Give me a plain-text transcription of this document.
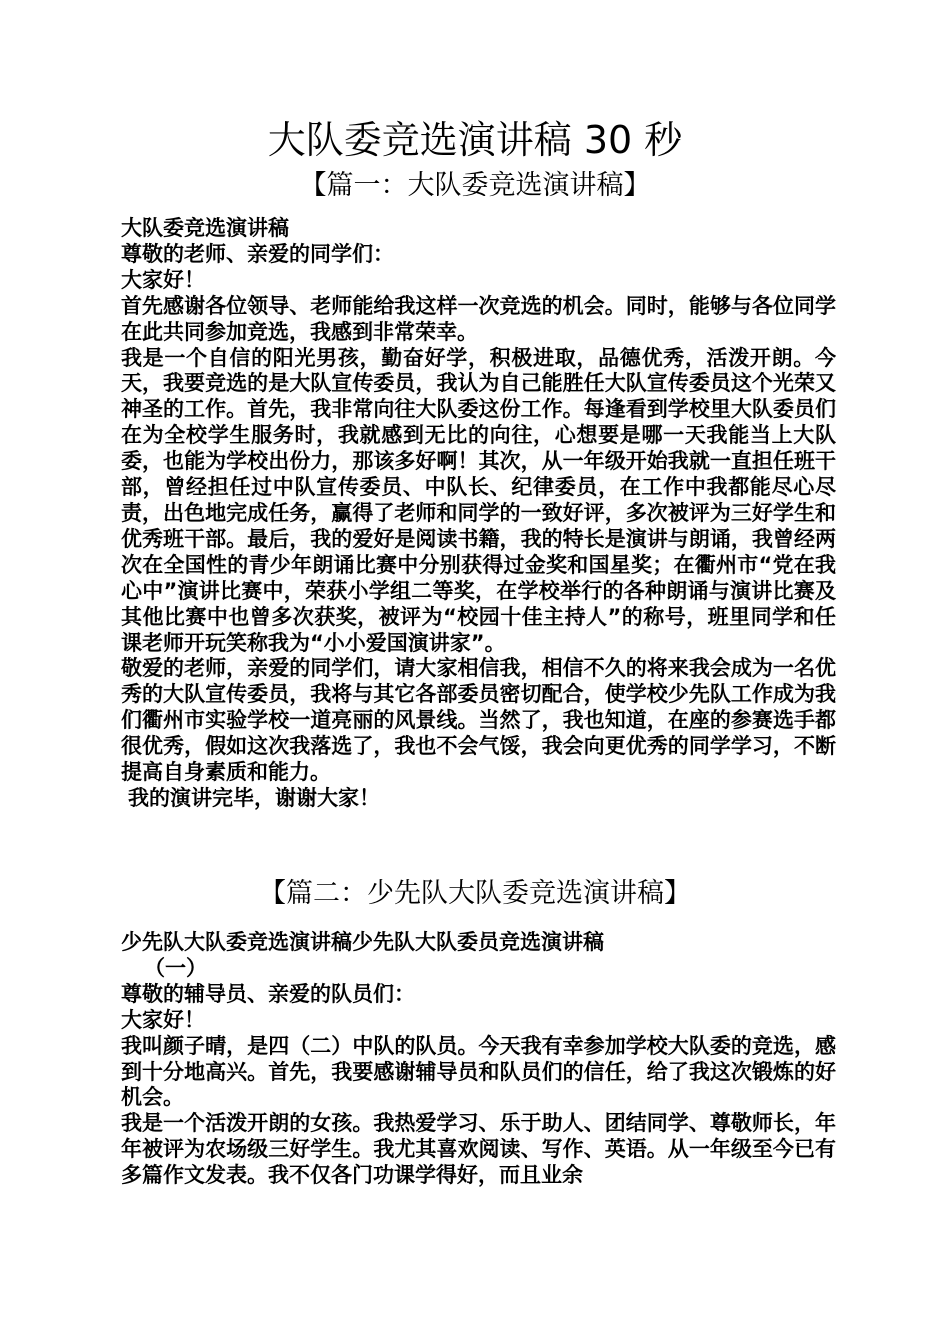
大队委竞选演讲稿 30 秒
【篇一：大队委竞选演讲稿】

大队委竞选演讲稿

尊敬的老师、亲爱的同学们：

大家好！

首先感谢各位领导、老师能给我这样一次竞选的机会。同时，能够与各位同学在此共同参加竞选，我感到非常荣幸。

我是一个自信的阳光男孩，勤奋好学，积极进取，品德优秀，活泼开朗。今天，我要竞选的是大队宣传委员，我认为自己能胜任大队宣传委员这个光荣又神圣的工作。首先，我非常向往大队委这份工作。每逢看到学校里大队委员们在为全校学生服务时，我就感到无比的向往，心想要是哪一天我能当上大队委，也能为学校出份力，那该多好啊！其次，从一年级开始我就一直担任班干部，曾经担任过中队宣传委员、中队长、纪律委员，在工作中我都能尽心尽责，出色地完成任务，赢得了老师和同学的一致好评，多次被评为三好学生和优秀班干部。最后，我的爱好是阅读书籍，我的特长是演讲与朗诵，我曾经两次在全国性的青少年朗诵比赛中分别获得过金奖和国星奖；在衢州市“党在我心中”演讲比赛中，荣获小学组二等奖，在学校举行的各种朗诵与演讲比赛及其他比赛中也曾多次获奖，被评为“校园十佳主持人”的称号，班里同学和任课老师开玩笑称我为“小小爱国演讲家”。

敬爱的老师，亲爱的同学们，请大家相信我，相信不久的将来我会成为一名优秀的大队宣传委员，我将与其它各部委员密切配合，使学校少先队工作成为我们衢州市实验学校一道亮丽的风景线。当然了，我也知道，在座的参赛选手都很优秀，假如这次我落选了，我也不会气馁，我会向更优秀的同学学习，不断提高自身素质和能力。

我的演讲完毕，谢谢大家！

【篇二：少先队大队委竞选演讲稿】

少先队大队委竞选演讲稿少先队大队委员竞选演讲稿

（一）

尊敬的辅导员、亲爱的队员们：

大家好！

我叫颜子晴，是四（二）中队的队员。今天我有幸参加学校大队委的竞选，感到十分地高兴。首先，我要感谢辅导员和队员们的信任，给了我这次锻炼的好机会。

我是一个活泼开朗的女孩。我热爱学习、乐于助人、团结同学、尊敬师长，年年被评为农场级三好学生。我尤其喜欢阅读、写作、英语。从一年级至今已有多篇作文发表。我不仅各门功课学得好，而且业余
